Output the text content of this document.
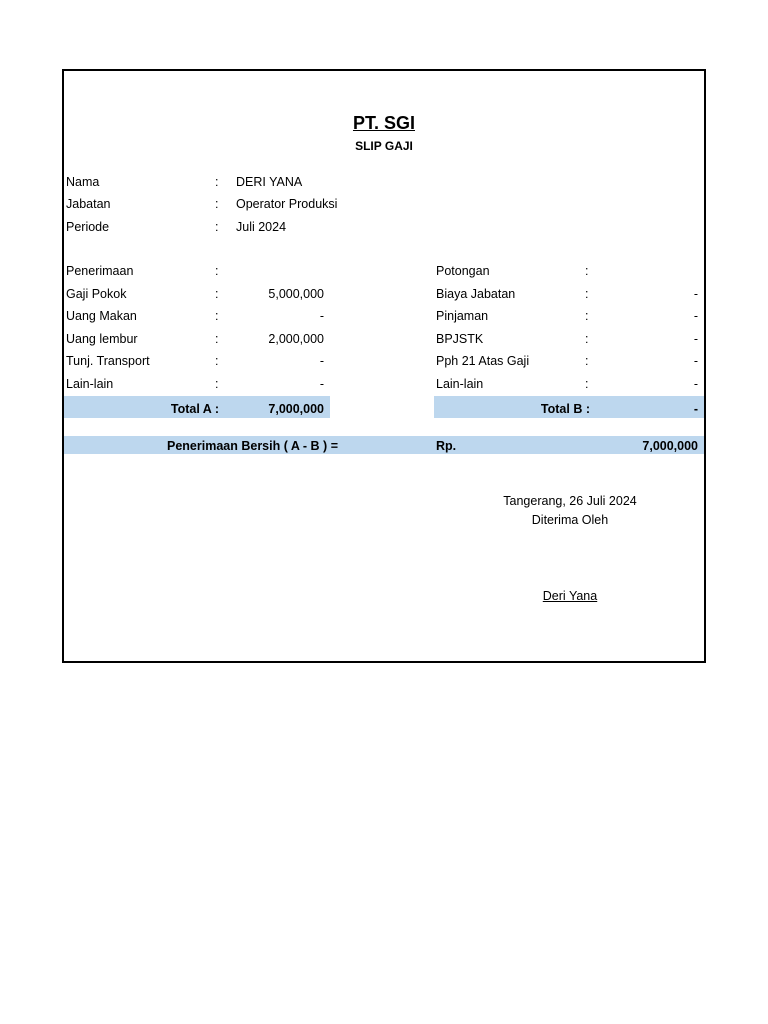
PT. SGI
SLIP GAJI
Nama	: DERI YANA
Jabatan	: Operator Produksi
Periode	: Juli 2024
Penerimaan	:
Gaji Pokok	:	5,000,000
Uang Makan	:	-
Uang lembur	:	2,000,000
Tunj. Transport	:	-
Lain-lain	:	-
Total A :	7,000,000
Potongan	:
Biaya Jabatan	:	-
Pinjaman	:	-
BPJSTK	:	-
Pph 21 Atas Gaji	:	-
Lain-lain	:	-
Total B :	-
Penerimaan Bersih ( A - B ) =	Rp.	7,000,000
Tangerang, 26 Juli 2024
Diterima Oleh
Deri Yana
